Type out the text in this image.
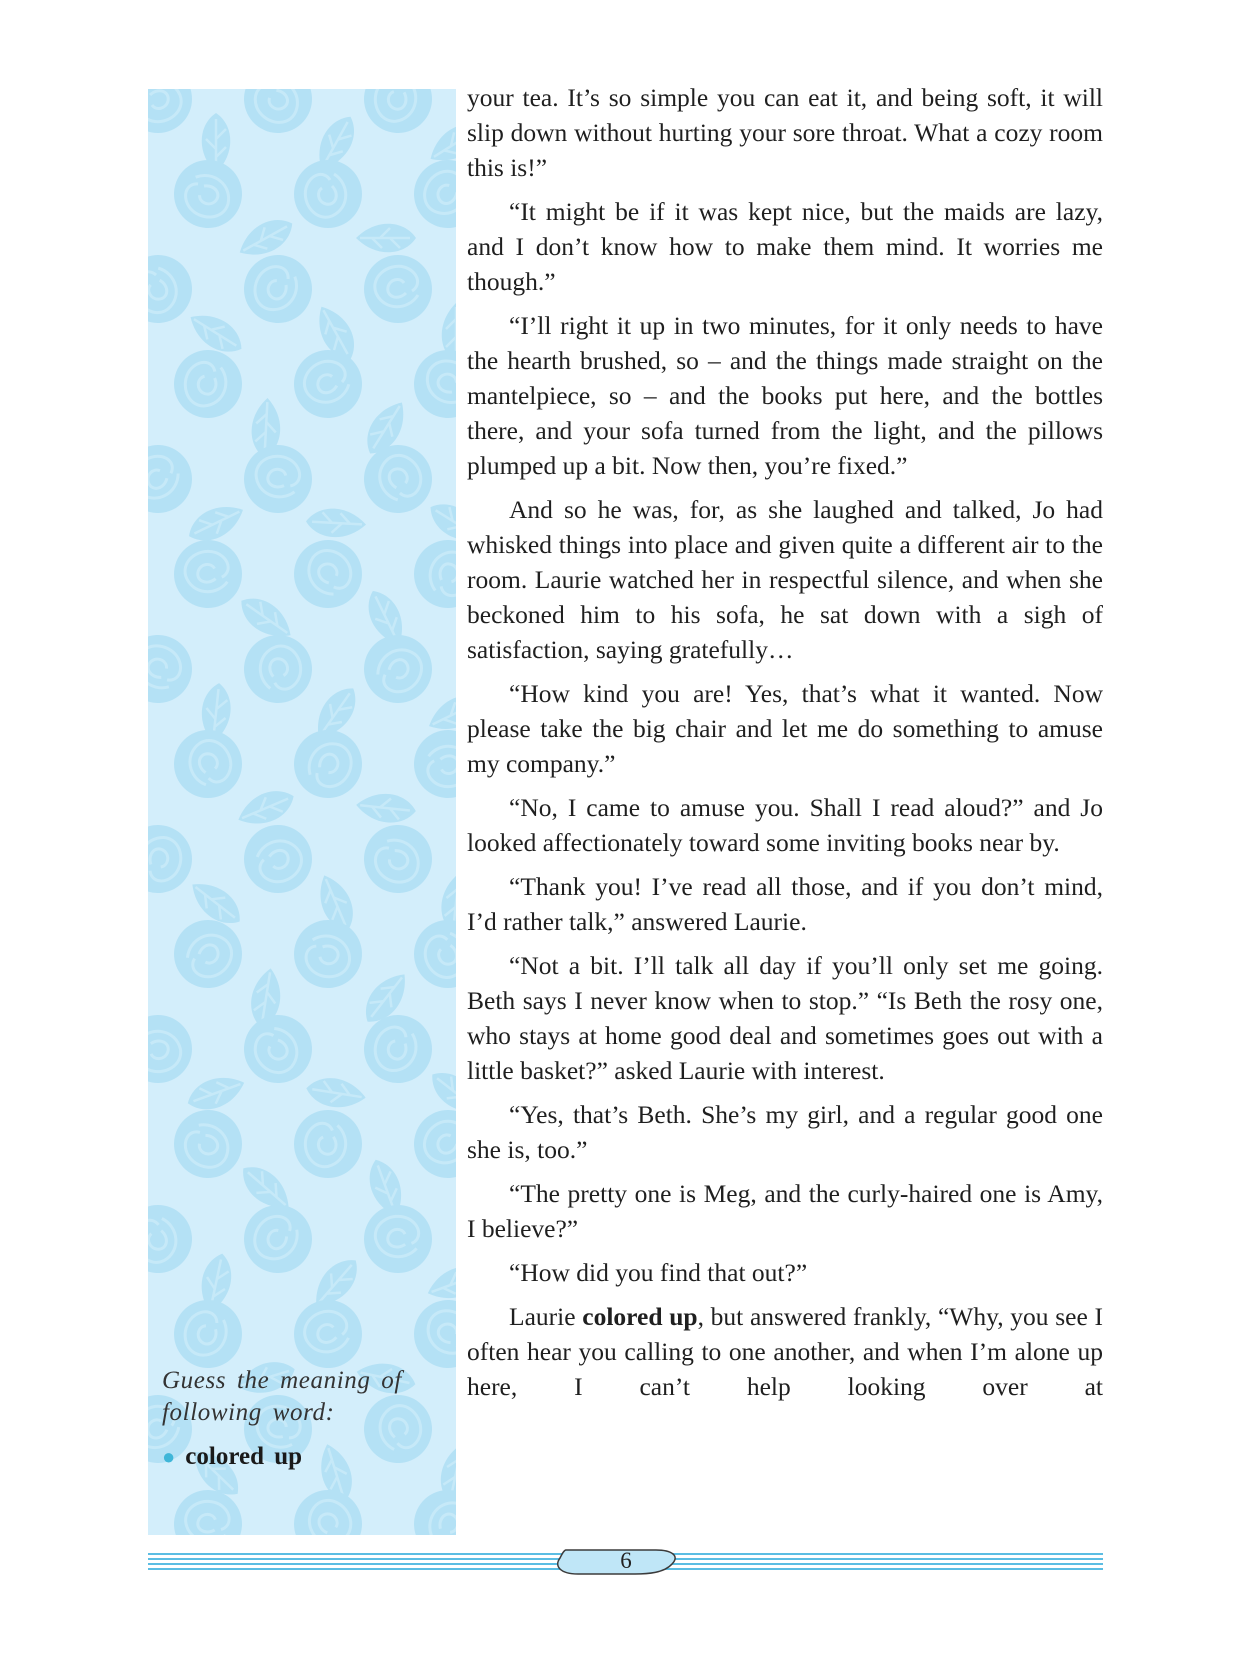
Guess the meaning of
following word:

● colored up

your tea. It’s so simple you can eat it, and being soft, it will slip down without hurting your sore throat. What a cozy room this is!”

“It might be if it was kept nice, but the maids are lazy, and I don’t know how to make them mind. It worries me though.”

“I’ll right it up in two minutes, for it only needs to have the hearth brushed, so – and the things made straight on the mantelpiece, so – and the books put here, and the bottles there, and your sofa turned from the light, and the pillows plumped up a bit. Now then, you’re fixed.”

And so he was, for, as she laughed and talked, Jo had whisked things into place and given quite a different air to the room. Laurie watched her in respectful silence, and when she beckoned him to his sofa, he sat down with a sigh of satisfaction, saying gratefully…

“How kind you are! Yes, that’s what it wanted. Now please take the big chair and let me do something to amuse my company.”

“No, I came to amuse you. Shall I read aloud?” and Jo looked affectionately toward some inviting books near by.

“Thank you! I’ve read all those, and if you don’t mind, I’d rather talk,” answered Laurie.

“Not a bit. I’ll talk all day if you’ll only set me going. Beth says I never know when to stop.” “Is Beth the rosy one, who stays at home good deal and sometimes goes out with a little basket?” asked Laurie with interest.

“Yes, that’s Beth. She’s my girl, and a regular good one she is, too.”

“The pretty one is Meg, and the curly-haired one is Amy, I believe?”

“How did you find that out?”

Laurie colored up, but answered frankly, “Why, you see I often hear you calling to one another, and when I’m alone up here, I can’t help looking over at

6
